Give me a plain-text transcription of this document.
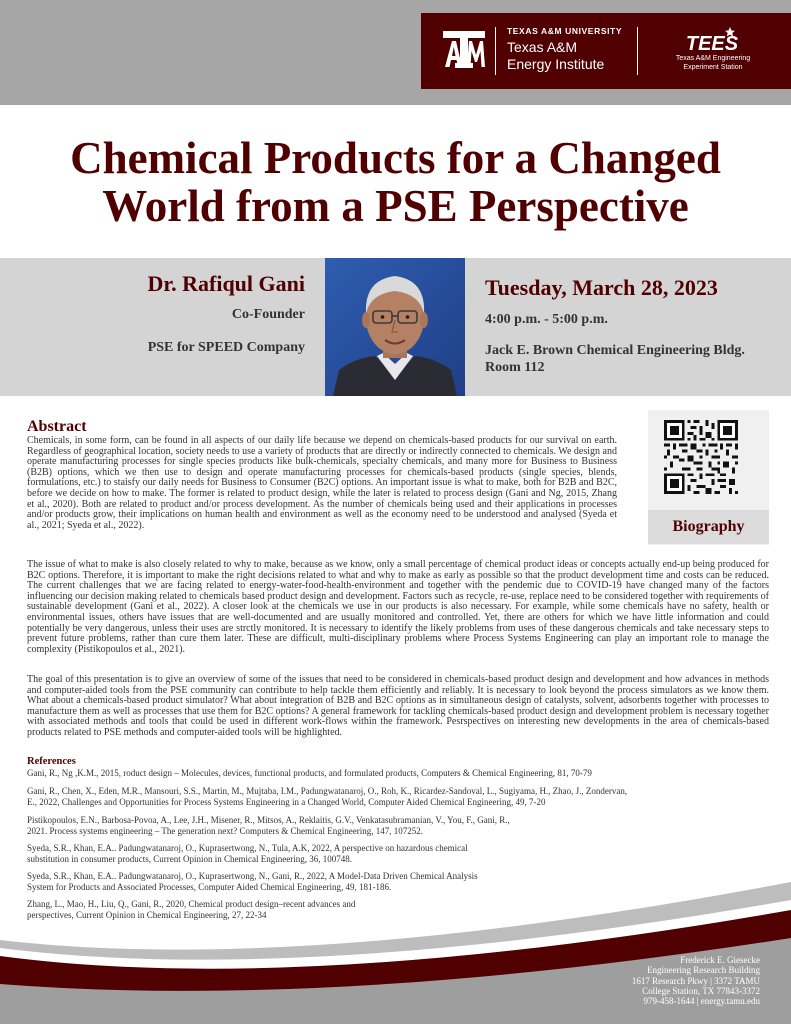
TEXAS A&M UNIVERSITY
Texas A&M
Energy Institute
TEES
Texas A&M Engineering
Experiment Station
Chemical Products for a Changed
World from a PSE Perspective
Dr. Rafiqul Gani
Co-Founder
PSE for SPEED Company
Tuesday, March 28, 2023
4:00 p.m. - 5:00 p.m.
Jack E. Brown Chemical Engineering Bldg.
Room 112
Abstract

Chemicals, in some form, can be found in all aspects of our daily life because we depend on chemicals-based products for our survival on earth. Regardless of geographical location, society needs to use a variety of products that are directly or indirectly connected to chemicals. We design and operate manufacturing processes for single species products like bulk-chemicals, specialty chemicals, and many more for Business to Business (B2B) options, which we then use to design and operate manufacturing processes for chemicals-based products (single species, blends, formulations, etc.) to staisfy our daily needs for Business to Consumer (B2C) options. An important issue is what to make, both for B2B and B2C, before we decide on how to make. The former is related to product design, while the later is related to process design (Gani and Ng, 2015, Zhang et al., 2020). Both are related to product and/or process development. As the number of chemicals being used and their applications in processes and/or products grow, their implications on human health and environment as well as the economy need to be understood and analysed (Syeda et al., 2021; Syeda et al., 2022).

The issue of what to make is also closely related to why to make, because as we know, only a small percentage of chemical product ideas or concepts actually end-up being produced for B2C options. Therefore, it is important to make the right decisions related to what and why to make as early as possible so that the product development time and costs can be reduced. The current challenges that we are facing related to energy-water-food-health-environment and together with the pendemic due to COVID-19 have changed many of the factors influencing our decision making related to chemicals based product design and development. Factors such as recycle, re-use, replace need to be considered together with requirements of sustainable development (Gani et al., 2022). A closer look at the chemicals we use in our products is also necessary. For example, while some chemicals have no safety, health or environmental issues, others have issues that are well-documented and are usually monitored and controlled. Yet, there are others for which we have little information and could potentially be very dangerous, unless their uses are strctly monitored. It is necessary to identify the likely problems from uses of these dangerous chemicals and take necessary steps to prevent future problems, rather than cure them later. These are difficult, multi-disciplinary problems where Process Systems Engineering can play an important role to manage the complexity (Pistikopoulos et al., 2021).

The goal of this presentation is to give an overview of some of the issues that need to be considered in chemicals-based product design and development and how advances in methods and computer-aided tools from the PSE community can contribute to help tackle them efficiently and reliably. It is necessary to look beyond the process simulators as we know them. What about a chemicals-based product simulator? What about integration of B2B and B2C options as in simultaneous design of catalysts, solvent, adsorbents together with processes to manufacture them as well as processes that use them for B2C options? A general framework for tackling chemicals-based product design and development problem is necessary together with associated methods and tools that could be used in different work-flows within the framework. Pesrspectives on interesting new developments in the area of chemicals-based products related to PSE methods and computer-aided tools will be highlighted.

Biography
References
Gani, R., Ng ,K.M., 2015, roduct design – Molecules, devices, functional products, and formulated products, Computers & Chemical Engineering, 81, 70-79
Gani, R., Chen, X., Eden, M.R., Mansouri, S.S., Martin, M., Mujtaba, I.M., Padungwatanaroj, O., Roh, K., Ricardez-Sandoval, L., Sugiyama, H., Zhao, J., Zondervan,
E., 2022, Challenges and Opportunities for Process Systems Engineering in a Changed World, Computer Aided Chemical Engineering, 49, 7-20
Pistikopoulos, E.N., Barbosa-Povoa, A., Lee, J.H., Misener, R., Mitsos, A., Reklaitis, G.V., Venkatasubramanian, V., You, F., Gani, R.,
2021. Process systems engineering – The generation next? Computers & Chemical Engineering, 147, 107252.
Syeda, S.R., Khan, E.A.. Padungwatanaroj, O., Kuprasertwong, N., Tula, A.K, 2022, A perspective on hazardous chemical
substitution in consumer products, Current Opinion in Chemical Engineering, 36, 100748.
Syeda, S.R., Khan, E.A.. Padungwatanaroj, O., Kuprasertwong, N., Gani, R., 2022, A Model-Data Driven Chemical Analysis
System for Products and Associated Processes, Computer Aided Chemical Engineering, 49, 181-186.
Zhang, L., Mao, H., Liu, Q., Gani, R., 2020, Chemical product design–recent advances and
perspectives, Current Opinion in Chemical Engineering, 27, 22-34
Frederick E. Giesecke
Engineering Research Building
1617 Research Pkwy | 3372 TAMU
College Station, TX 77843-3372
979-458-1644 | energy.tamu.edu
